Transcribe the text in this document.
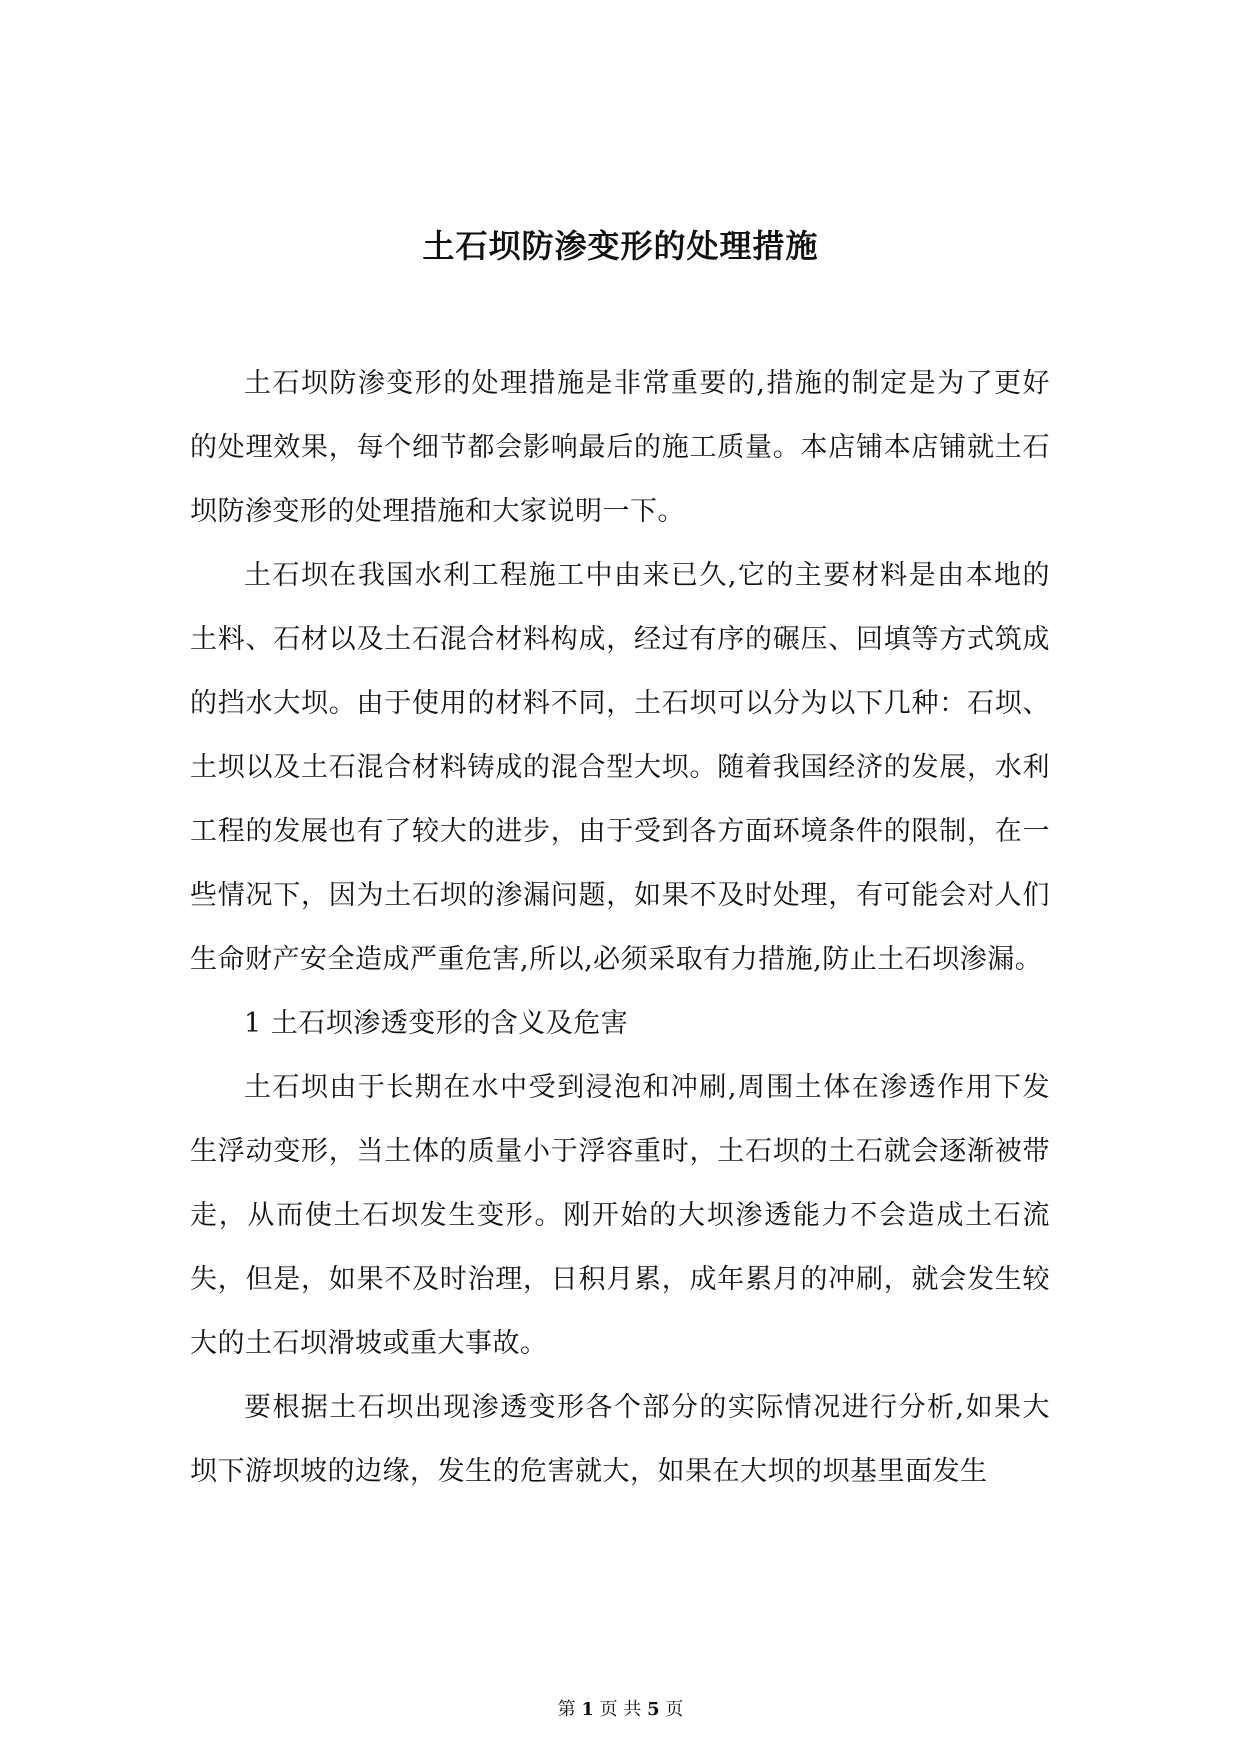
土石坝防渗变形的处理措施

土石坝防渗变形的处理措施是非常重要的,措施的制定是为了更好的处理效果，每个细节都会影响最后的施工质量。本店铺本店铺就土石坝防渗变形的处理措施和大家说明一下。

土石坝在我国水利工程施工中由来已久,它的主要材料是由本地的土料、石材以及土石混合材料构成，经过有序的碾压、回填等方式筑成的挡水大坝。由于使用的材料不同，土石坝可以分为以下几种：石坝、土坝以及土石混合材料铸成的混合型大坝。随着我国经济的发展，水利工程的发展也有了较大的进步，由于受到各方面环境条件的限制，在一些情况下，因为土石坝的渗漏问题，如果不及时处理，有可能会对人们生命财产安全造成严重危害,所以,必须采取有力措施,防止土石坝渗漏。

1 土石坝渗透变形的含义及危害

土石坝由于长期在水中受到浸泡和冲刷,周围土体在渗透作用下发生浮动变形，当土体的质量小于浮容重时，土石坝的土石就会逐渐被带走，从而使土石坝发生变形。刚开始的大坝渗透能力不会造成土石流失，但是，如果不及时治理，日积月累，成年累月的冲刷，就会发生较大的土石坝滑坡或重大事故。

要根据土石坝出现渗透变形各个部分的实际情况进行分析,如果大坝下游坝坡的边缘，发生的危害就大，如果在大坝的坝基里面发生

第 1 页 共 5 页
